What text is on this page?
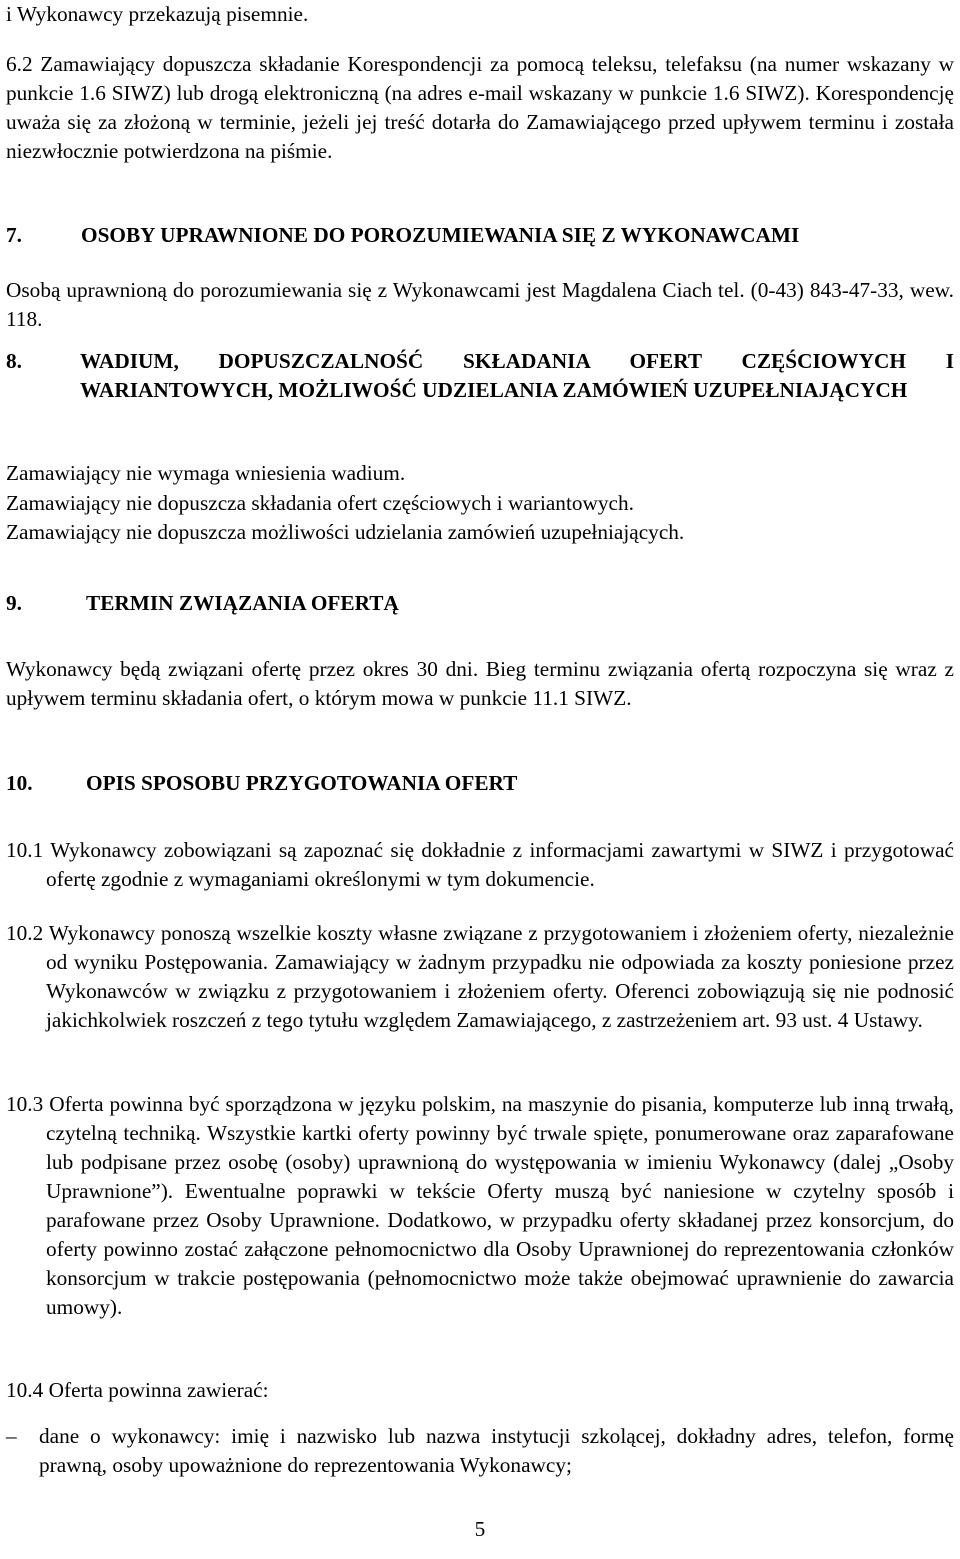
i Wykonawcy przekazują pisemnie.

6.2 Zamawiający dopuszcza składanie Korespondencji za pomocą teleksu, telefaksu (na numer wskazany w punkcie 1.6 SIWZ) lub drogą elektroniczną (na adres e-mail wskazany w punkcie 1.6 SIWZ). Korespondencję uważa się za złożoną w terminie, jeżeli jej treść dotarła do Zamawiającego przed upływem terminu i została niezwłocznie potwierdzona na piśmie.

7.	OSOBY UPRAWNIONE DO POROZUMIEWANIA SIĘ Z WYKONAWCAMI

Osobą uprawnioną do porozumiewania się z Wykonawcami jest Magdalena Ciach tel. (0-43) 843-47-33, wew. 118.

8.	WADIUM, DOPUSZCZALNOŚĆ SKŁADANIA OFERT CZĘŚCIOWYCH I WARIANTOWYCH, MOŻLIWOŚĆ UDZIELANIA ZAMÓWIEŃ UZUPEŁNIAJĄCYCH

Zamawiający nie wymaga wniesienia wadium.

Zamawiający nie dopuszcza składania ofert częściowych i wariantowych.

Zamawiający nie dopuszcza możliwości udzielania zamówień uzupełniających.

9.	TERMIN ZWIĄZANIA OFERTĄ

Wykonawcy będą związani ofertę przez okres 30 dni. Bieg terminu związania ofertą rozpoczyna się wraz z upływem terminu składania ofert, o którym mowa w punkcie 11.1 SIWZ.

10.	OPIS SPOSOBU PRZYGOTOWANIA OFERT

10.1 Wykonawcy zobowiązani są zapoznać się dokładnie z informacjami zawartymi w SIWZ i przygotować ofertę zgodnie z wymaganiami określonymi w tym dokumencie.

10.2 Wykonawcy ponoszą wszelkie koszty własne związane z przygotowaniem i złożeniem oferty, niezależnie od wyniku Postępowania. Zamawiający w żadnym przypadku nie odpowiada za koszty poniesione przez Wykonawców w związku z przygotowaniem i złożeniem oferty. Oferenci zobowiązują się nie podnosić jakichkolwiek roszczeń z tego tytułu względem Zamawiającego, z zastrzeżeniem art. 93 ust. 4 Ustawy.

10.3 Oferta powinna być sporządzona w języku polskim, na maszynie do pisania, komputerze lub inną trwałą, czytelną techniką. Wszystkie kartki oferty powinny być trwale spięte, ponumerowane oraz zaparafowane lub podpisane przez osobę (osoby) uprawnioną do występowania w imieniu Wykonawcy (dalej „Osoby Uprawnione”). Ewentualne poprawki w tekście Oferty muszą być naniesione w czytelny sposób i parafowane przez Osoby Uprawnione. Dodatkowo, w przypadku oferty składanej przez konsorcjum, do oferty powinno zostać załączone pełnomocnictwo dla Osoby Uprawnionej do reprezentowania członków konsorcjum w trakcie postępowania (pełnomocnictwo może także obejmować uprawnienie do zawarcia umowy).

10.4 Oferta powinna zawierać:

–	dane o wykonawcy: imię i nazwisko lub nazwa instytucji szkolącej, dokładny adres, telefon, formę prawną, osoby upoważnione do reprezentowania Wykonawcy;
5
